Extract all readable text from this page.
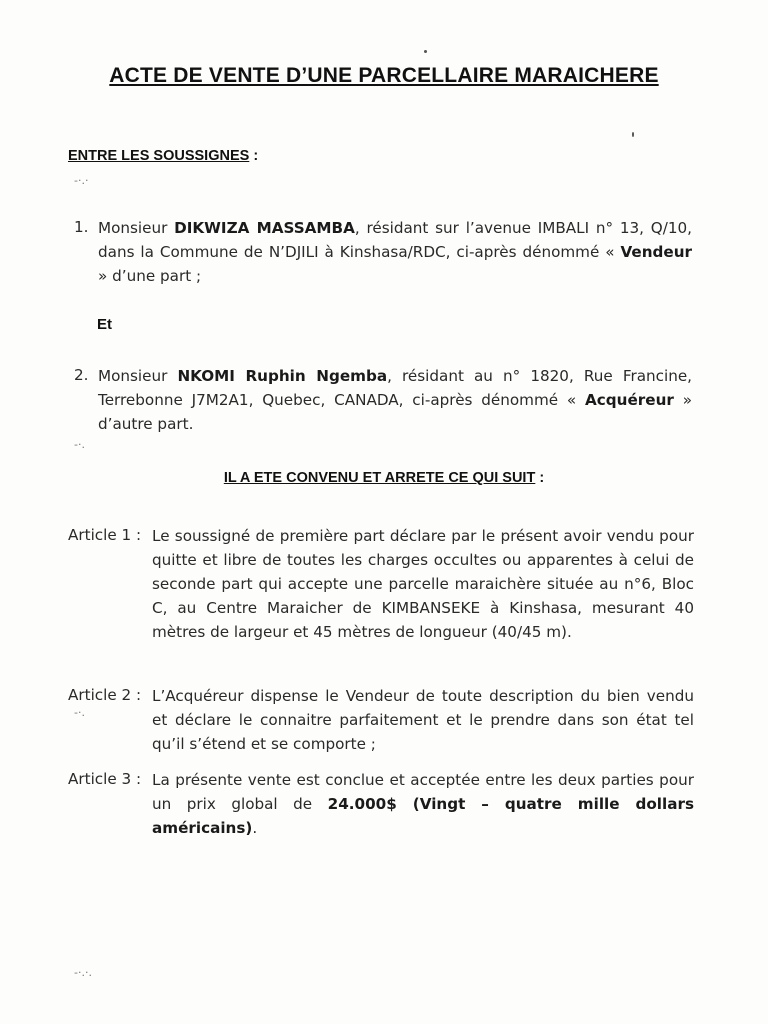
ACTE DE VENTE D’UNE PARCELLAIRE MARAICHERE
ENTRE LES SOUSSIGNES :
-·.·
1. Monsieur DIKWIZA MASSAMBA, résidant sur l’avenue IMBALI n° 13, Q/10, dans la Commune de N’DJILI à Kinshasa/RDC, ci-après dénommé « Vendeur » d’une part ;
Et
2. Monsieur NKOMI Ruphin Ngemba, résidant au n° 1820, Rue Francine, Terrebonne J7M2A1, Quebec, CANADA, ci-après dénommé « Acquéreur » d’autre part.
-·.
IL A ETE CONVENU ET ARRETE CE QUI SUIT :
Article 1 : Le soussigné de première part déclare par le présent avoir vendu pour quitte et libre de toutes les charges occultes ou apparentes à celui de seconde part qui accepte une parcelle maraichère située au n°6, Bloc C, au Centre Maraicher de KIMBANSEKE à Kinshasa, mesurant 40 mètres de largeur et 45 mètres de longueur (40/45 m).
Article 2 : L’Acquéreur dispense le Vendeur de toute description du bien vendu et déclare le connaitre parfaitement et le prendre dans son état tel qu’il s’étend et se comporte ;
-·.
Article 3 : La présente vente est conclue et acceptée entre les deux parties pour un prix global de 24.000$ (Vingt – quatre mille dollars américains).
-·.·.
